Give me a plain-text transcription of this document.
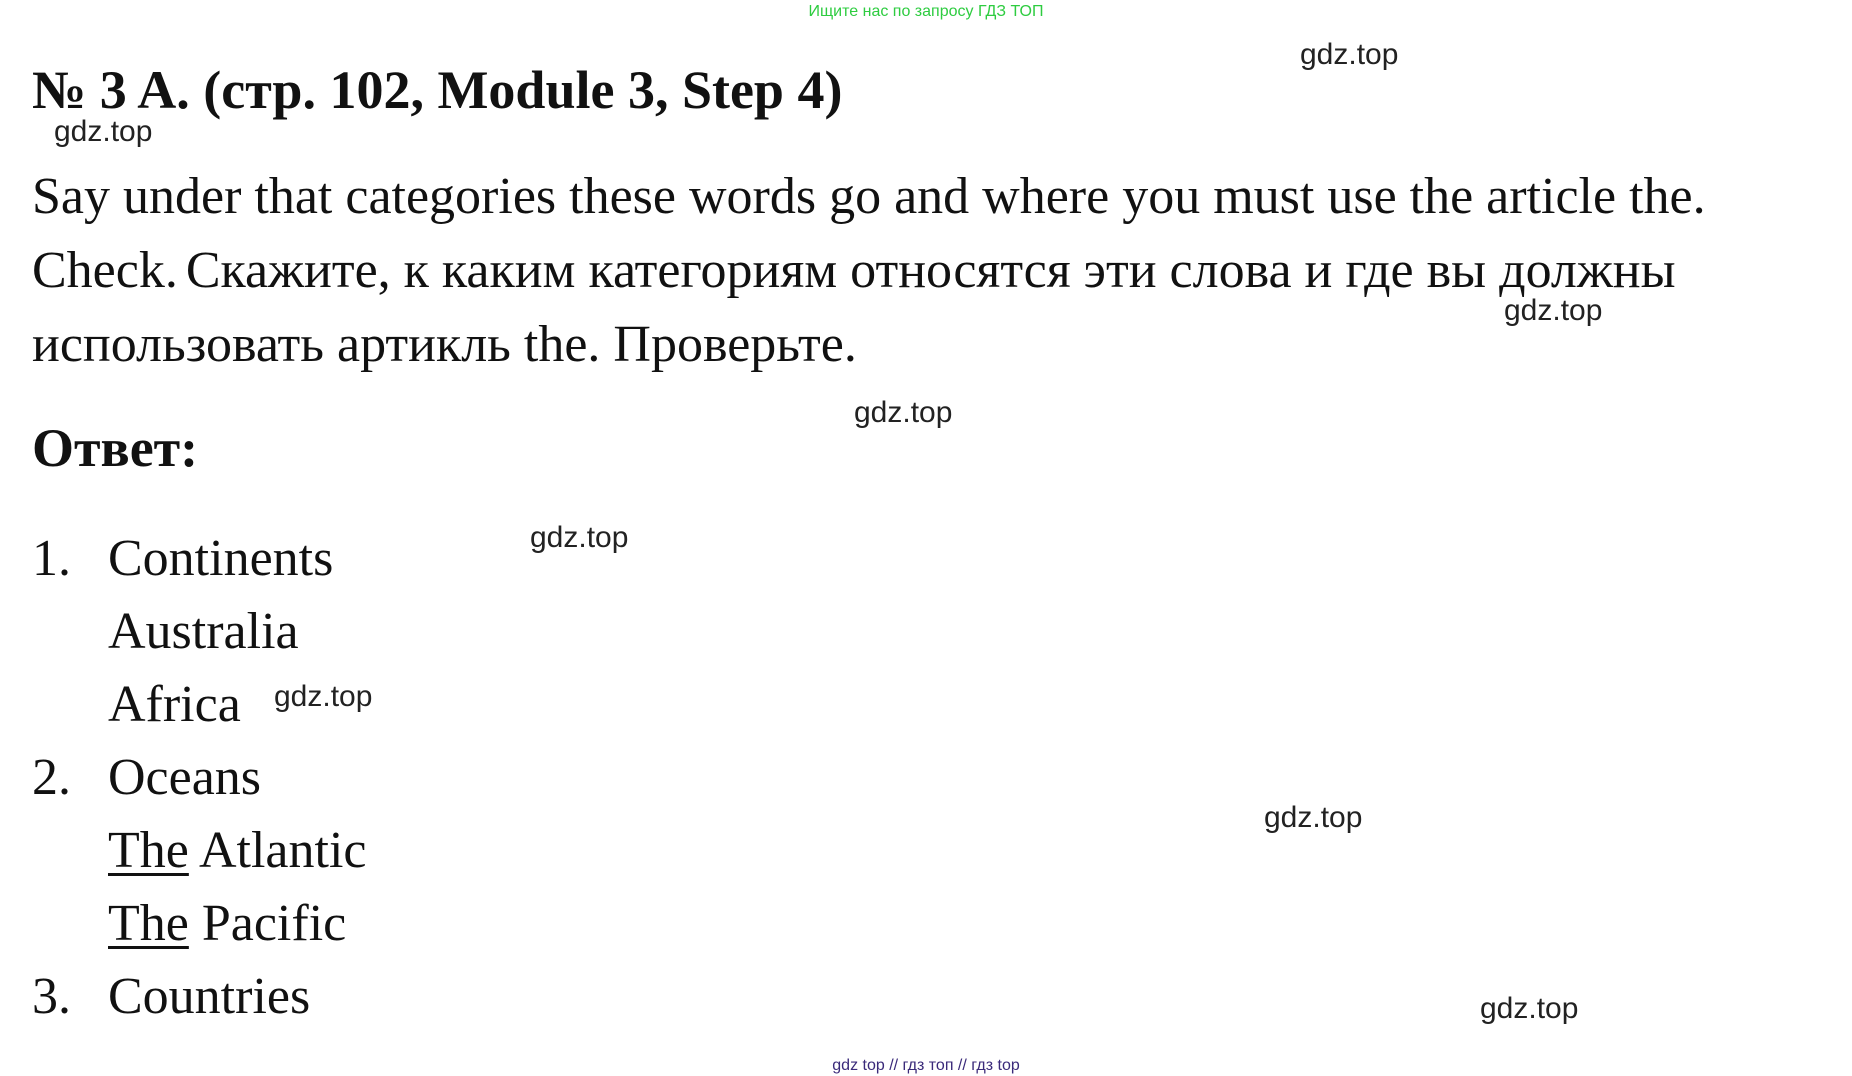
Ищите нас по запросу ГДЗ ТОП
№ 3 A. (стр. 102, Module 3, Step 4)

Say under that categories these words go and where you must use the article the. Check. Скажите, к каким категориям относятся эти слова и где вы должны использовать артикль the. Проверьте.

Ответ:
1. Continents
Australia
Africa
2. Oceans
The Atlantic
The Pacific
3. Countries
gdz.top
gdz.top
gdz.top
gdz.top
gdz.top
gdz.top
gdz.top
gdz.top
gdz top // гдз топ // гдз top
